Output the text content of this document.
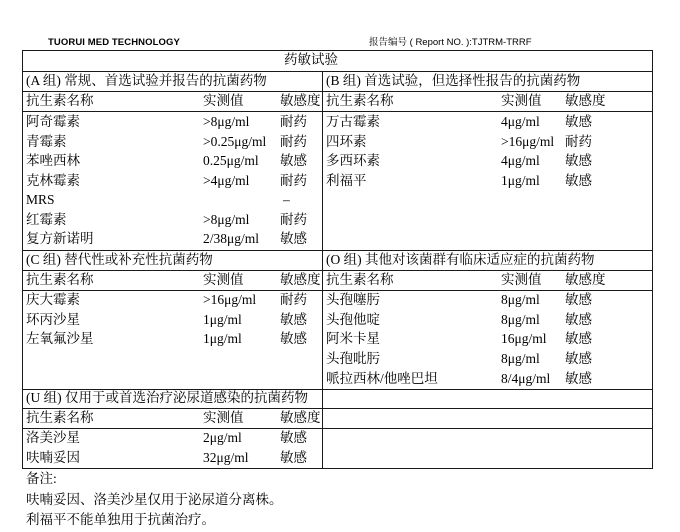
TUORUI MED TECHNOLOGY	报告编号 ( Report NO. ):TJTRM-TRRF
药敏试验
(A 组) 常规、首选试验并报告的抗菌药物	(B 组) 首选试验，但选择性报告的抗菌药物
抗生素名称	实测值	敏感度 抗生素名称	实测值 敏感度
阿奇霉素	>8μg/ml 耐药
青霉素	>0.25μg/ml 耐药
苯唑西林	0.25μg/ml 敏感
克林霉素	>4μg/ml 耐药
MRS	–
红霉素	>8μg/ml 耐药
复方新诺明	2/38μg/ml 敏感
万古霉素	4μg/ml 敏感
四环素	>16μg/ml 耐药
多西环素	4μg/ml 敏感
利福平	1μg/ml 敏感
(C 组) 替代性或补充性抗菌药物	(O 组) 其他对该菌群有临床适应症的抗菌药物
抗生素名称	实测值	敏感度 抗生素名称	实测值 敏感度
庆大霉素	>16μg/ml 耐药
环丙沙星	1μg/ml	敏感
左氧氟沙星	1μg/ml	敏感
头孢噻肟	8μg/ml 敏感
头孢他啶	8μg/ml 敏感
阿米卡星	16μg/ml 敏感
头孢吡肟	8μg/ml 敏感
哌拉西林/他唑巴坦	8/4μg/ml 敏感
(U 组) 仅用于或首选治疗泌尿道感染的抗菌药物
抗生素名称	实测值	敏感度
洛美沙星	2μg/ml	敏感
呋喃妥因	32μg/ml 敏感
备注:
呋喃妥因、洛美沙星仅用于泌尿道分离株。
利福平不能单独用于抗菌治疗。
